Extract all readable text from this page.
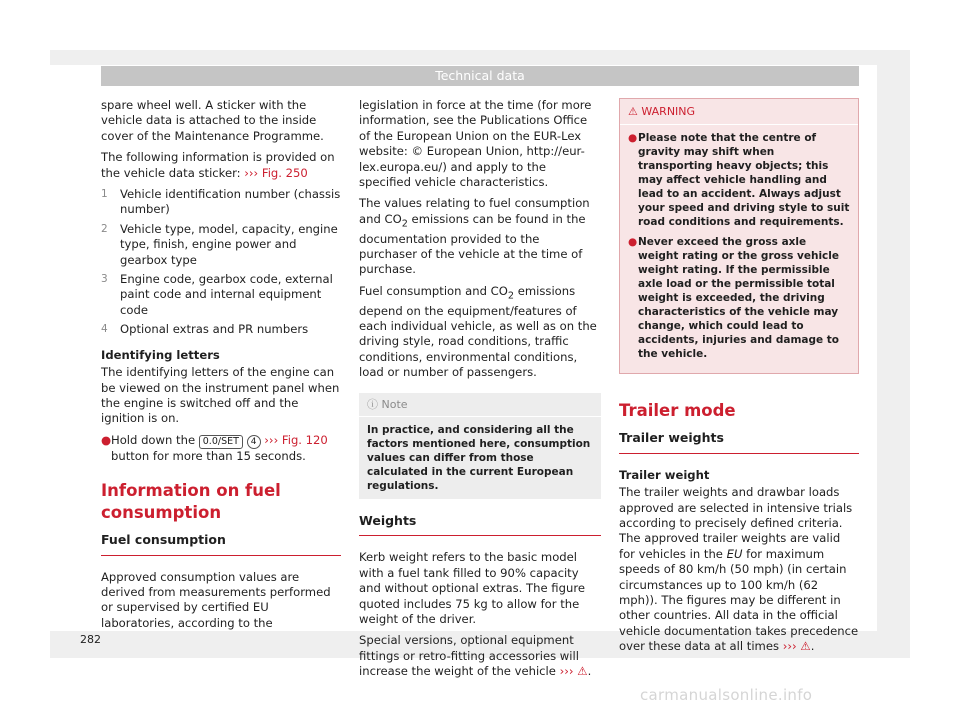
Technical data

spare wheel well. A sticker with the vehicle data is attached to the inside cover of the Maintenance Programme.

The following information is provided on the vehicle data sticker: ››› Fig. 250

1 Vehicle identification number (chassis number)
2 Vehicle type, model, capacity, engine type, finish, engine power and gearbox type
3 Engine code, gearbox code, external paint code and internal equipment code
4 Optional extras and PR numbers
Identifying letters

The identifying letters of the engine can be viewed on the instrument panel when the engine is switched off and the ignition is on.

● Hold down the 0.0/SET 4 ››› Fig. 120 button for more than 15 seconds.

Information on fuel consumption
Fuel consumption

Approved consumption values are derived from measurements performed or supervised by certified EU laboratories, according to the

legislation in force at the time (for more information, see the Publications Office of the European Union on the EUR-Lex website: © European Union, http://eur-lex.europa.eu/) and apply to the specified vehicle characteristics.

The values relating to fuel consumption and $CO_2$ emissions can be found in the documentation provided to the purchaser of the vehicle at the time of purchase.

Fuel consumption and $CO_2$ emissions depend on the equipment/features of each individual vehicle, as well as on the driving style, road conditions, traffic conditions, environmental conditions, load or number of passengers.

ⓘ Note
In practice, and considering all the factors mentioned here, consumption values can differ from those calculated in the current European regulations.
Weights

Kerb weight refers to the basic model with a fuel tank filled to 90% capacity and without optional extras. The figure quoted includes 75 kg to allow for the weight of the driver.

Special versions, optional equipment fittings or retro-fitting accessories will increase the weight of the vehicle ››› ⚠.

⚠ WARNING
● Please note that the centre of gravity may shift when transporting heavy objects; this may affect vehicle handling and lead to an accident. Always adjust your speed and driving style to suit road conditions and requirements.
● Never exceed the gross axle weight rating or the gross vehicle weight rating. If the permissible axle load or the permissible total weight is exceeded, the driving characteristics of the vehicle may change, which could lead to accidents, injuries and damage to the vehicle.
Trailer mode
Trailer weights
Trailer weight

The trailer weights and drawbar loads approved are selected in intensive trials according to precisely defined criteria. The approved trailer weights are valid for vehicles in the EU for maximum speeds of 80 km/h (50 mph) (in certain circumstances up to 100 km/h (62 mph)). The figures may be different in other countries. All data in the official vehicle documentation takes precedence over these data at all times ››› ⚠.

282
carmanualsonline.info
